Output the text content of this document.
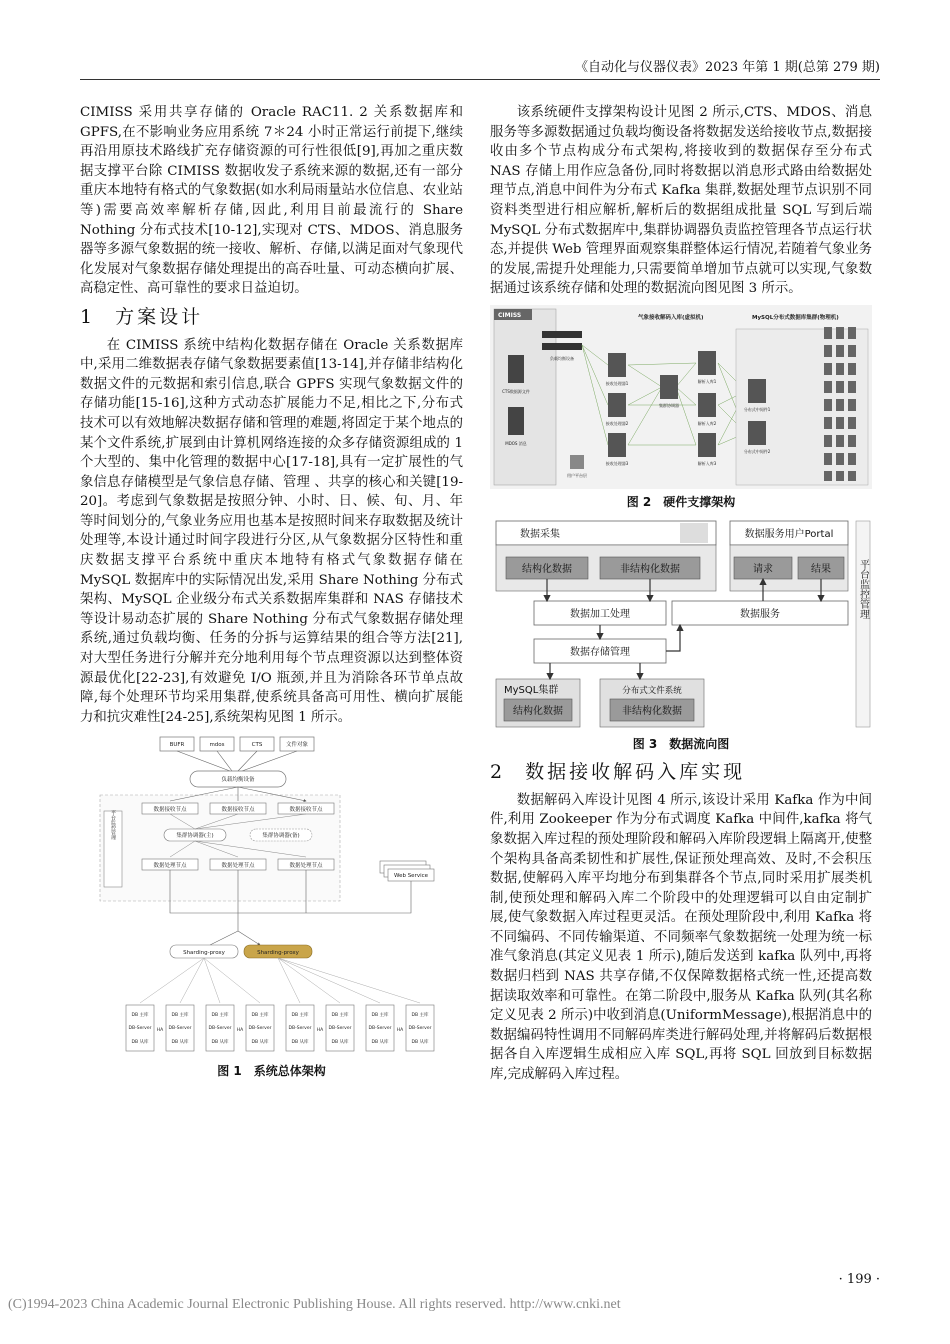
《自动化与仪器仪表》2023 年第 1 期(总第 279 期)

CIMISS 采用共享存储的 Oracle RAC11. 2 关系数据库和 GPFS,在不影响业务应用系统 7＊24 小时正常运行前提下,继续再沿用原技术路线扩充存储资源的可行性很低[9],再加之重庆数据支撑平台除 CIMISS 数据收发子系统来源的数据,还有一部分重庆本地特有格式的气象数据(如水利局雨量站水位信息、农业站等)需要高效率解析存储,因此,利用目前最流行的 Share Nothing 分布式技术[10-12],实现对 CTS、MDOS、消息服务器等多源气象数据的统一接收、解析、存储,以满足面对气象现代化发展对气象数据存储处理提出的高吞吐量、可动态横向扩展、高稳定性、高可靠性的要求日益迫切。

1 方案设计

在 CIMISS 系统中结构化数据存储在 Oracle 关系数据库中,采用二维数据表存储气象数据要素值[13-14],并存储非结构化数据文件的元数据和索引信息,联合 GPFS 实现气象数据文件的存储功能[15-16],这种方式动态扩展能力不足,相比之下,分布式技术可以有效地解决数据存储和管理的难题,将固定于某个地点的某个文件系统,扩展到由计算机网络连接的众多存储资源组成的 1 个大型的、集中化管理的数据中心[17-18],具有一定扩展性的气象信息存储模型是气象信息存储、管理 、共享的核心和关键[19-20]。考虑到气象数据是按照分钟、小时、日、候、旬、月、年等时间划分的,气象业务应用也基本是按照时间来存取数据及统计处理等,本设计通过时间字段进行分区,从气象数据分区特性和重庆数据支撑平台系统中重庆本地特有格式气象数据存储在 MySQL 数据库中的实际情况出发,采用 Share Nothing 分布式架构、MySQL 企业级分布式关系数据库集群和 NAS 存储技术等设计易动态扩展的 Share Nothing 分布式气象数据存储处理系统,通过负载均衡、任务的分拆与运算结果的组合等方法[21],对大型任务进行分解并充分地利用每个节点理资源以达到整体资源最优化[22-23],有效避免 I/O 瓶颈,并且为消除各环节单点故障,每个处理环节均采用集群,使系统具备高可用性、横向扩展能力和抗灾难性[24-25],系统架构见图 1 所示。

BUFR	mdos	CTS	文件对象
负载均衡设备
平台监控管理	数据接收节点	数据接收节点	数据接收节点
集群协调器(主)	集群协调器(备)
数据处理节点	数据处理节点	数据处理节点
Web Service
Sharding-proxy	Sharding-proxy
DB 主库
DB-Server
DB 从库
DB 主库
DB-Server
DB 从库
HA
DB 主库
DB-Server
DB 从库
DB 主库
DB-Server
DB 从库
HA
DB 主库
DB-Server
DB 从库
DB 主库
DB-Server
DB 从库
HA
DB 主库
DB-Server
DB 从库
DB 主库
DB-Server
DB 从库
HA
图 1　系统总体架构

该系统硬件支撑架构设计见图 2 所示,CTS、MDOS、消息服务等多源数据通过负载均衡设备将数据发送给接收节点,数据接收由多个节点构成分布式架构,将接收到的数据保存至分布式 NAS 存储上用作应急备份,同时将数据以消息形式路由给数据处理节点,消息中间件为分布式 Kafka 集群,数据处理节点识别不同资料类型进行相应解析,解析后的数据组成批量 SQL 写到后端 MySQL 分布式数据库中,集群协调器负责监控管理各节点运行状态,并提供 Web 管理界面观察集群整体运行情况,若随着气象业务的发展,需提升处理能力,只需要简单增加节点就可以实现,气象数据通过该系统存储和处理的数据流向图见图 3 所示。

CIMISS
CTS数据源文件
MDOS 消息
气象接收解码入库(虚拟机)	MySQL分布式数据库集群(物理机)
负载均衡设备
用户平台层
接收处理器1
接收处理器2
接收处理器3
集群协调器
解析入库1
解析入库2
解析入库3
分布式中间件1
分布式中间件2
图 2　硬件支撑架构
数据采集	数据服务用户Portal
结构化数据	非结构化数据	请求	结果
数据加工处理	数据服务
数据存储管理
MySQL集群
结构化数据
分布式文件系统
非结构化数据
平台监控管理
图 3　数据流向图
2 数据接收解码入库实现

数据解码入库设计见图 4 所示,该设计采用 Kafka 作为中间件,利用 Zookeeper 作为分布式调度 Kafka 中间件,kafka 将气象数据入库过程的预处理阶段和解码入库阶段逻辑上隔离开,使整个架构具备高柔韧性和扩展性,保证预处理高效、及时,不会积压数据,使解码入库平均地分布到集群各个节点,同时采用扩展类机制,使预处理和解码入库二个阶段中的处理逻辑可以自由定制扩展,使气象数据入库过程更灵活。在预处理阶段中,利用 Kafka 将不同编码、不同传输渠道、不同频率气象数据统一处理为统一标准气象消息(其定义见表 1 所示),随后发送到 kafka 队列中,再将数据归档到 NAS 共享存储,不仅保障数据格式统一性,还提高数据读取效率和可靠性。在第二阶段中,服务从 Kafka 队列(其名称定义见表 2 所示)中收到消息(UniformMessage),根据消息中的数据编码特性调用不同解码库类进行解码处理,并将解码后数据根据各自入库逻辑生成相应入库 SQL,再将 SQL 回放到目标数据库,完成解码入库过程。

· 199 ·
(C)1994-2023 China Academic Journal Electronic Publishing House. All rights reserved. http://www.cnki.net
